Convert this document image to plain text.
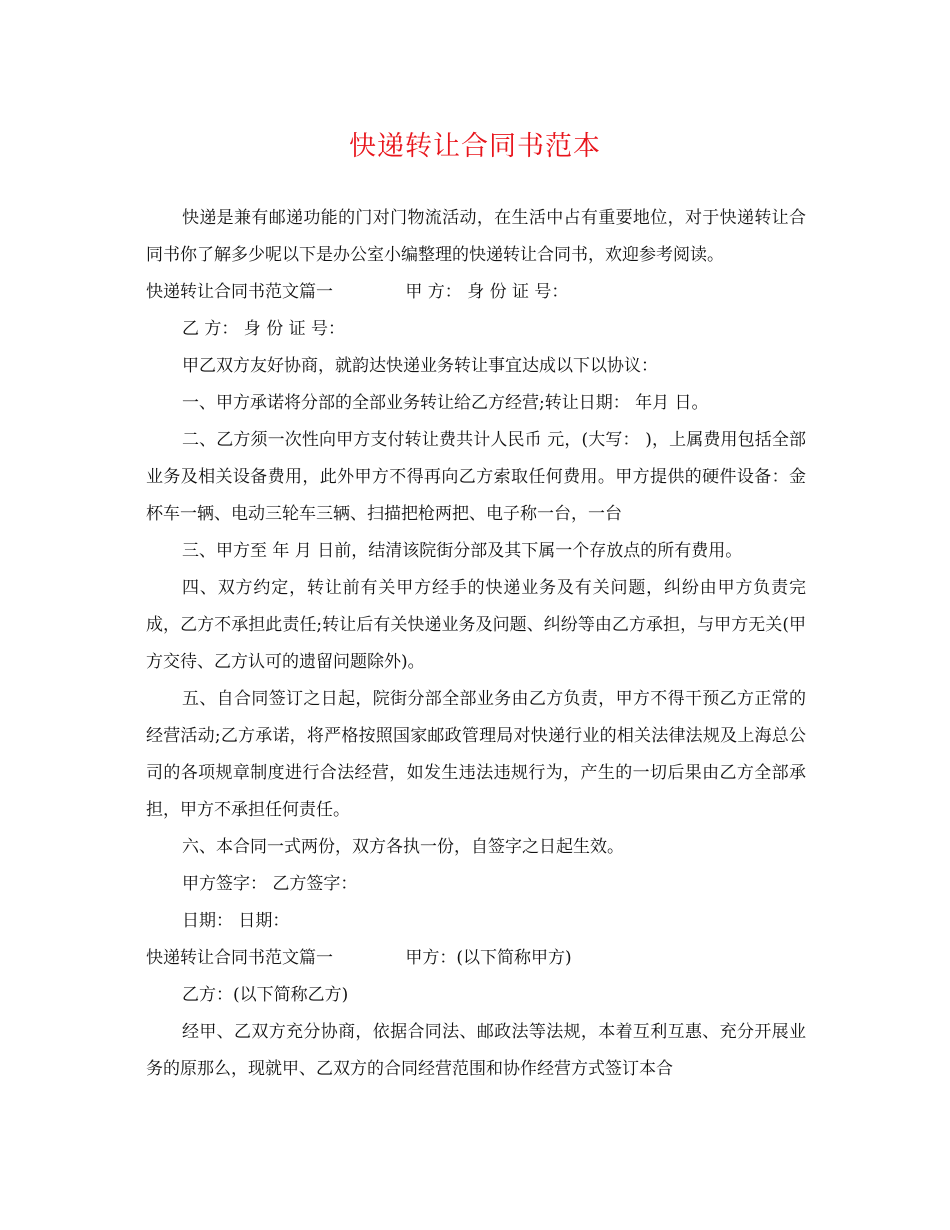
快递转让合同书范本

快递是兼有邮递功能的门对门物流活动，在生活中占有重要地位，对于快递转让合同书你了解多少呢以下是办公室小编整理的快递转让合同书，欢迎参考阅读。

快递转让合同书范文篇一		甲 方： 身 份 证 号：

乙 方： 身 份 证 号：

甲乙双方友好协商，就韵达快递业务转让事宜达成以下以协议：

一、甲方承诺将分部的全部业务转让给乙方经营;转让日期： 年月 日。

二、乙方须一次性向甲方支付转让费共计人民币 元，(大写： )，上属费用包括全部业务及相关设备费用，此外甲方不得再向乙方索取任何费用。甲方提供的硬件设备：金杯车一辆、电动三轮车三辆、扫描把枪两把、电子称一台，一台

三、甲方至 年 月 日前，结清该院街分部及其下属一个存放点的所有费用。

四、双方约定，转让前有关甲方经手的快递业务及有关问题，纠纷由甲方负责完成，乙方不承担此责任;转让后有关快递业务及问题、纠纷等由乙方承担，与甲方无关(甲方交待、乙方认可的遗留问题除外)。

五、自合同签订之日起，院街分部全部业务由乙方负责，甲方不得干预乙方正常的经营活动;乙方承诺，将严格按照国家邮政管理局对快递行业的相关法律法规及上海总公司的各项规章制度进行合法经营，如发生违法违规行为，产生的一切后果由乙方全部承担，甲方不承担任何责任。

六、本合同一式两份，双方各执一份，自签字之日起生效。

甲方签字： 乙方签字：

日期： 日期：

快递转让合同书范文篇一		甲方：(以下简称甲方)

乙方：(以下简称乙方)

经甲、乙双方充分协商，依据合同法、邮政法等法规，本着互利互惠、充分开展业务的原那么，现就甲、乙双方的合同经营范围和协作经营方式签订本合
